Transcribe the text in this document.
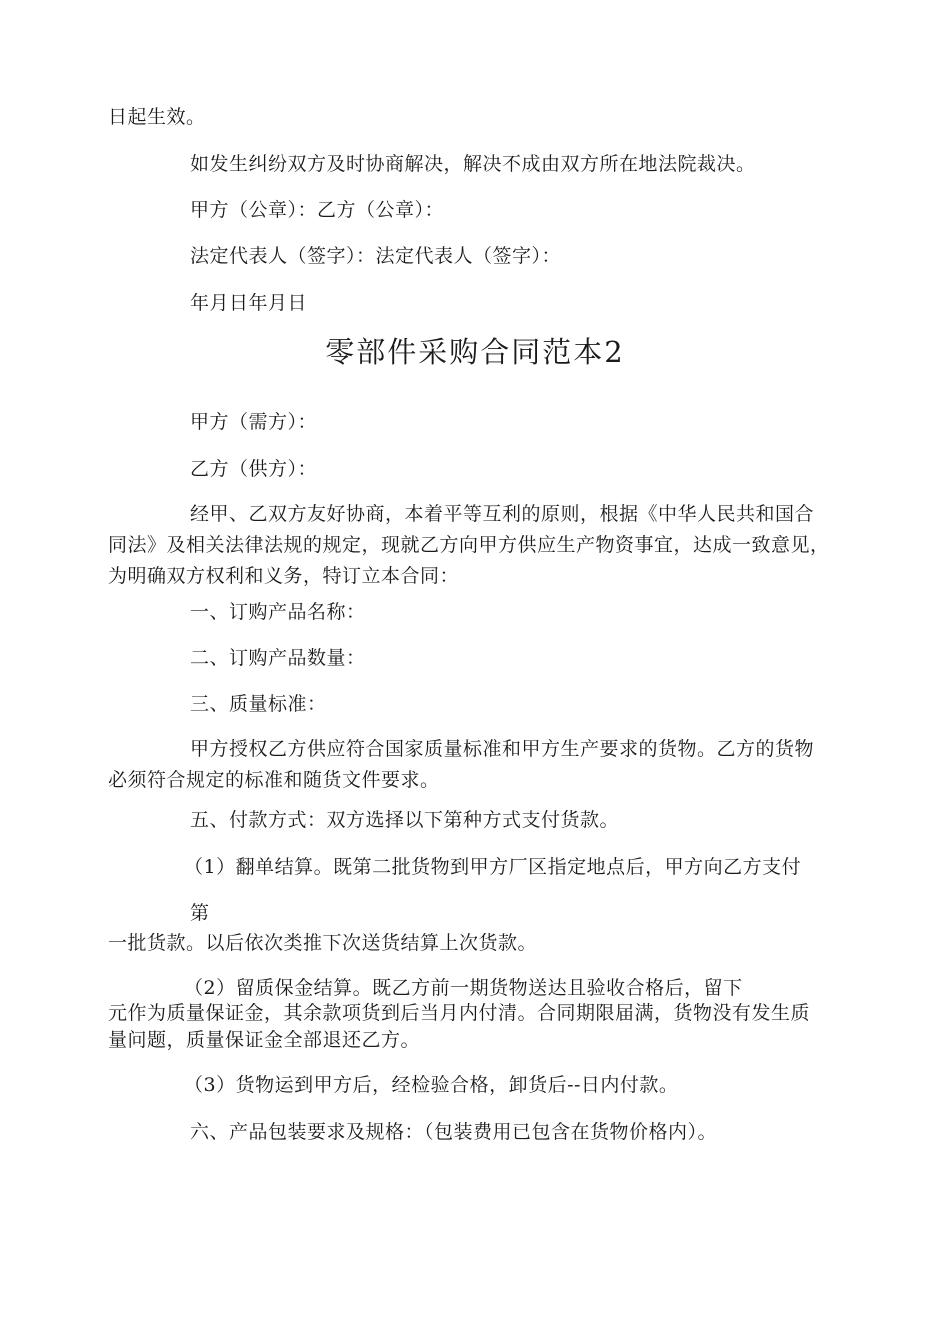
日起生效。
如发生纠纷双方及时协商解决，解决不成由双方所在地法院裁决。
甲方（公章）：乙方（公章）：
法定代表人（签字）：法定代表人（签字）：
年月日年月日
零部件采购合同范本2
甲方（需方）：
乙方（供方）：
经甲、乙双方友好协商，本着平等互利的原则，根据《中华人民共和国合
同法》及相关法律法规的规定，现就乙方向甲方供应生产物资事宜，达成一致意见，
为明确双方权利和义务，特订立本合同：
一、订购产品名称：
二、订购产品数量：
三、质量标准：
甲方授权乙方供应符合国家质量标准和甲方生产要求的货物。乙方的货物
必须符合规定的标准和随货文件要求。
五、付款方式：双方选择以下第种方式支付货款。
（1）翻单结算。既第二批货物到甲方厂区指定地点后，甲方向乙方支付
第
一批货款。以后依次类推下次送货结算上次货款。
（2）留质保金结算。既乙方前一期货物送达且验收合格后，留下
元作为质量保证金，其余款项货到后当月内付清。合同期限届满，货物没有发生质
量问题，质量保证金全部退还乙方。
（3）货物运到甲方后，经检验合格，卸货后--日内付款。
六、产品包装要求及规格：（包装费用已包含在货物价格内）。
